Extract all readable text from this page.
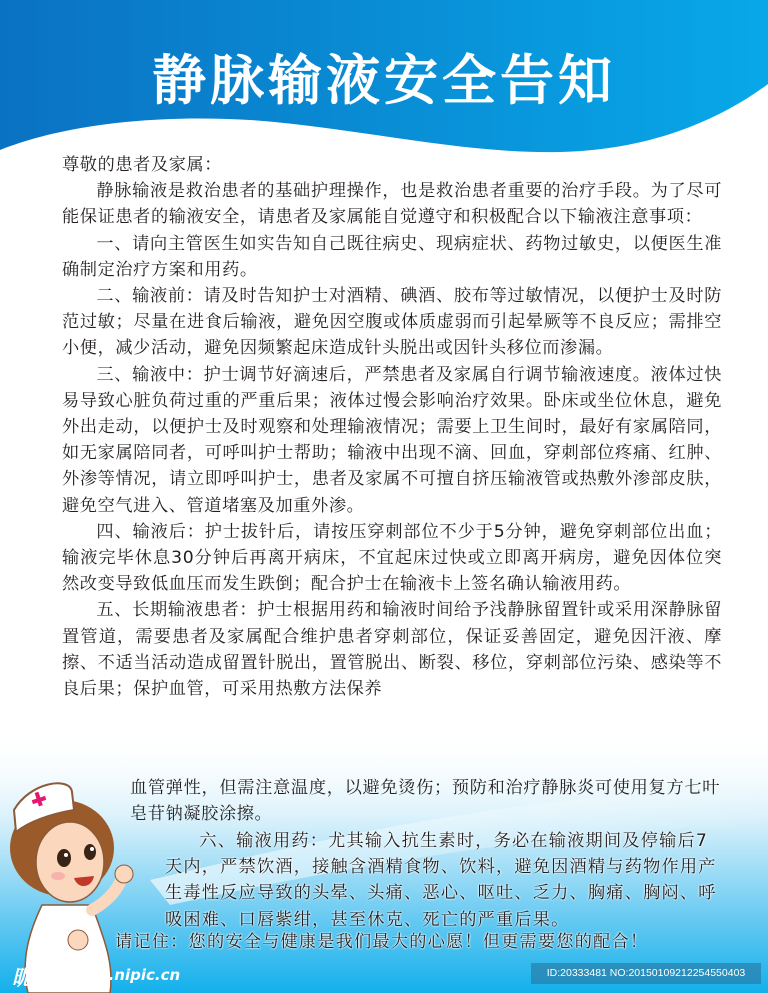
静脉输液安全告知

尊敬的患者及家属：

静脉输液是救治患者的基础护理操作，也是救治患者重要的治疗手段。为了尽可能保证患者的输液安全，请患者及家属能自觉遵守和积极配合以下输液注意事项：

一、请向主管医生如实告知自己既往病史、现病症状、药物过敏史，以便医生准确制定治疗方案和用药。

二、输液前：请及时告知护士对酒精、碘酒、胶布等过敏情况，以便护士及时防范过敏；尽量在进食后输液，避免因空腹或体质虚弱而引起晕厥等不良反应；需排空小便，减少活动，避免因频繁起床造成针头脱出或因针头移位而渗漏。

三、输液中：护士调节好滴速后，严禁患者及家属自行调节输液速度。液体过快易导致心脏负荷过重的严重后果；液体过慢会影响治疗效果。卧床或坐位休息，避免外出走动，以便护士及时观察和处理输液情况；需要上卫生间时，最好有家属陪同，如无家属陪同者，可呼叫护士帮助；输液中出现不滴、回血，穿刺部位疼痛、红肿、外渗等情况，请立即呼叫护士，患者及家属不可擅自挤压输液管或热敷外渗部皮肤，避免空气进入、管道堵塞及加重外渗。

四、输液后：护士拔针后，请按压穿刺部位不少于5分钟，避免穿刺部位出血；输液完毕休息30分钟后再离开病床，不宜起床过快或立即离开病房，避免因体位突然改变导致低血压而发生跌倒；配合护士在输液卡上签名确认输液用药。

五、长期输液患者：护士根据用药和输液时间给予浅静脉留置针或采用深静脉留置管道，需要患者及家属配合维护患者穿刺部位，保证妥善固定，避免因汗液、摩擦、不适当活动造成留置针脱出，置管脱出、断裂、移位，穿刺部位污染、感染等不良后果；保护血管，可采用热敷方法保养

血管弹性，但需注意温度，以避免烫伤；预防和治疗静脉炎可使用复方七叶皂苷钠凝胶涂擦。

六、输液用药：尤其输入抗生素时，务必在输液期间及停输后7天内，严禁饮酒，接触含酒精食物、饮料，避免因酒精与药物作用产生毒性反应导致的头晕、头痛、恶心、呕吐、乏力、胸痛、胸闷、呼吸困难、口唇紫绀，甚至休克、死亡的严重后果。

请记住：您的安全与健康是我们最大的心愿！但更需要您的配合！
昵享网
www.nipic.cn	ID:20333481 NO:20150109212254550403
